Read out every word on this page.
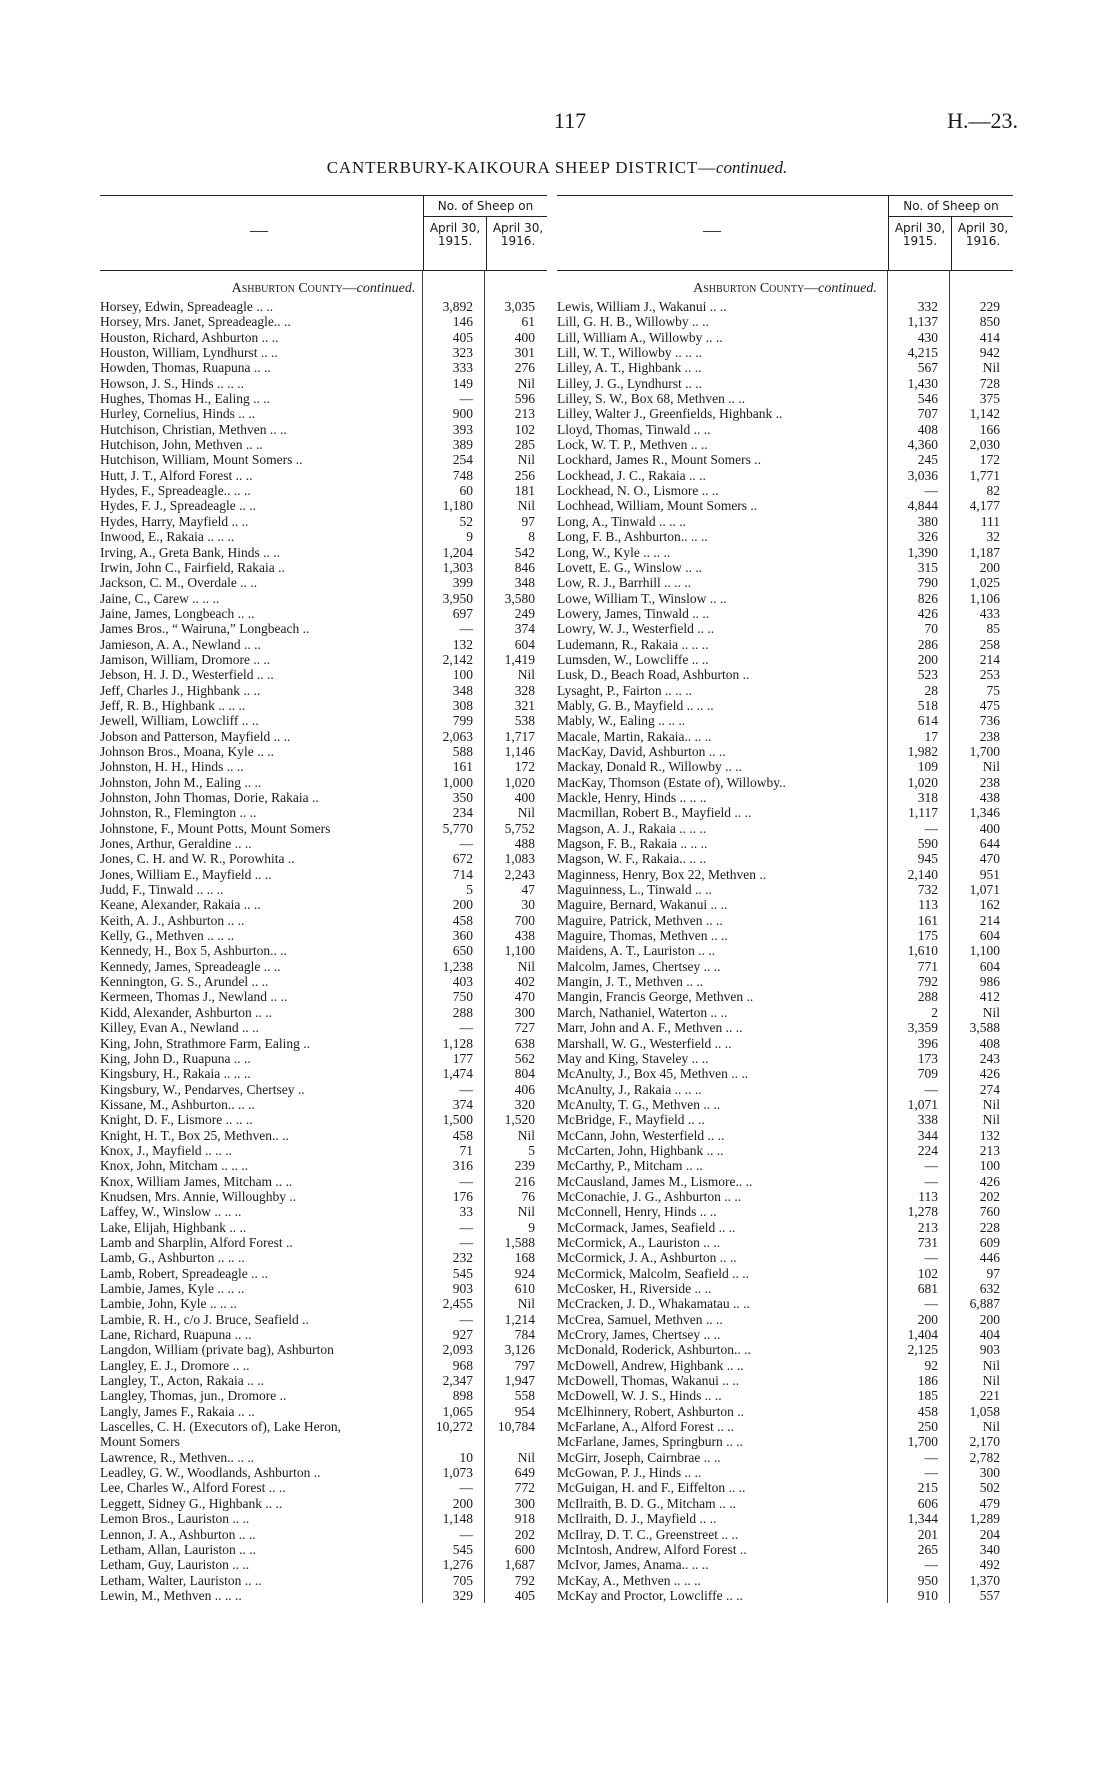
117	H.—23.
CANTERBURY-KAIKOURA SHEEP DISTRICT—continued.
—
No. of Sheep on
April 30,
1915.
April 30,
1916.
Ashburton County—continued.
Horsey, Edwin, Spreadeagle .. ..	3,892	3,035
Horsey, Mrs. Janet, Spreadeagle.. ..	146	61
Houston, Richard, Ashburton .. ..	405	400
Houston, William, Lyndhurst .. ..	323	301
Howden, Thomas, Ruapuna .. ..	333	276
Howson, J. S., Hinds .. .. ..	149	Nil
Hughes, Thomas H., Ealing .. ..	—	596
Hurley, Cornelius, Hinds .. ..	900	213
Hutchison, Christian, Methven .. ..	393	102
Hutchison, John, Methven .. ..	389	285
Hutchison, William, Mount Somers ..	254	Nil
Hutt, J. T., Alford Forest .. ..	748	256
Hydes, F., Spreadeagle.. .. ..	60	181
Hydes, F. J., Spreadeagle .. ..	1,180	Nil
Hydes, Harry, Mayfield .. ..	52	97
Inwood, E., Rakaia .. .. ..	9	8
Irving, A., Greta Bank, Hinds .. ..	1,204	542
Irwin, John C., Fairfield, Rakaia ..	1,303	846
Jackson, C. M., Overdale .. ..	399	348
Jaine, C., Carew .. .. ..	3,950	3,580
Jaine, James, Longbeach .. ..	697	249
James Bros., “ Wairuna,” Longbeach ..	—	374
Jamieson, A. A., Newland .. ..	132	604
Jamison, William, Dromore .. ..	2,142	1,419
Jebson, H. J. D., Westerfield .. ..	100	Nil
Jeff, Charles J., Highbank .. ..	348	328
Jeff, R. B., Highbank .. .. ..	308	321
Jewell, William, Lowcliff .. ..	799	538
Jobson and Patterson, Mayfield .. ..	2,063	1,717
Johnson Bros., Moana, Kyle .. ..	588	1,146
Johnston, H. H., Hinds .. ..	161	172
Johnston, John M., Ealing .. ..	1,000	1,020
Johnston, John Thomas, Dorie, Rakaia ..	350	400
Johnston, R., Flemington .. ..	234	Nil
Johnstone, F., Mount Potts, Mount Somers	5,770	5,752
Jones, Arthur, Geraldine .. ..	—	488
Jones, C. H. and W. R., Porowhita ..	672	1,083
Jones, William E., Mayfield .. ..	714	2,243
Judd, F., Tinwald .. .. ..	5	47
Keane, Alexander, Rakaia .. ..	200	30
Keith, A. J., Ashburton .. ..	458	700
Kelly, G., Methven .. .. ..	360	438
Kennedy, H., Box 5, Ashburton.. ..	650	1,100
Kennedy, James, Spreadeagle .. ..	1,238	Nil
Kennington, G. S., Arundel .. ..	403	402
Kermeen, Thomas J., Newland .. ..	750	470
Kidd, Alexander, Ashburton .. ..	288	300
Killey, Evan A., Newland .. ..	—	727
King, John, Strathmore Farm, Ealing ..	1,128	638
King, John D., Ruapuna .. ..	177	562
Kingsbury, H., Rakaia .. .. ..	1,474	804
Kingsbury, W., Pendarves, Chertsey ..	—	406
Kissane, M., Ashburton.. .. ..	374	320
Knight, D. F., Lismore .. .. ..	1,500	1,520
Knight, H. T., Box 25, Methven.. ..	458	Nil
Knox, J., Mayfield .. .. ..	71	5
Knox, John, Mitcham .. .. ..	316	239
Knox, William James, Mitcham .. ..	—	216
Knudsen, Mrs. Annie, Willoughby ..	176	76
Laffey, W., Winslow .. .. ..	33	Nil
Lake, Elijah, Highbank .. ..	—	9
Lamb and Sharplin, Alford Forest ..	—	1,588
Lamb, G., Ashburton .. .. ..	232	168
Lamb, Robert, Spreadeagle .. ..	545	924
Lambie, James, Kyle .. .. ..	903	610
Lambie, John, Kyle .. .. ..	2,455	Nil
Lambie, R. H., c/o J. Bruce, Seafield ..	—	1,214
Lane, Richard, Ruapuna .. ..	927	784
Langdon, William (private bag), Ashburton	2,093	3,126
Langley, E. J., Dromore .. ..	968	797
Langley, T., Acton, Rakaia .. ..	2,347	1,947
Langley, Thomas, jun., Dromore ..	898	558
Langly, James F., Rakaia .. ..	1,065	954
Lascelles, C. H. (Executors of), Lake Heron,	10,272	10,784
Mount Somers
Lawrence, R., Methven.. .. ..	10	Nil
Leadley, G. W., Woodlands, Ashburton ..	1,073	649
Lee, Charles W., Alford Forest .. ..	—	772
Leggett, Sidney G., Highbank .. ..	200	300
Lemon Bros., Lauriston .. ..	1,148	918
Lennon, J. A., Ashburton .. ..	—	202
Letham, Allan, Lauriston .. ..	545	600
Letham, Guy, Lauriston .. ..	1,276	1,687
Letham, Walter, Lauriston .. ..	705	792
Lewin, M., Methven .. .. ..	329	405
—
No. of Sheep on
April 30,
1915.
April 30,
1916.
Ashburton County—continued.
Lewis, William J., Wakanui .. ..	332	229
Lill, G. H. B., Willowby .. ..	1,137	850
Lill, William A., Willowby .. ..	430	414
Lill, W. T., Willowby .. .. ..	4,215	942
Lilley, A. T., Highbank .. ..	567	Nil
Lilley, J. G., Lyndhurst .. ..	1,430	728
Lilley, S. W., Box 68, Methven .. ..	546	375
Lilley, Walter J., Greenfields, Highbank ..	707	1,142
Lloyd, Thomas, Tinwald .. ..	408	166
Lock, W. T. P., Methven .. ..	4,360	2,030
Lockhard, James R., Mount Somers ..	245	172
Lockhead, J. C., Rakaia .. ..	3,036	1,771
Lockhead, N. O., Lismore .. ..	—	82
Lochhead, William, Mount Somers ..	4,844	4,177
Long, A., Tinwald .. .. ..	380	111
Long, F. B., Ashburton.. .. ..	326	32
Long, W., Kyle .. .. ..	1,390	1,187
Lovett, E. G., Winslow .. ..	315	200
Low, R. J., Barrhill .. .. ..	790	1,025
Lowe, William T., Winslow .. ..	826	1,106
Lowery, James, Tinwald .. ..	426	433
Lowry, W. J., Westerfield .. ..	70	85
Ludemann, R., Rakaia .. .. ..	286	258
Lumsden, W., Lowcliffe .. ..	200	214
Lusk, D., Beach Road, Ashburton ..	523	253
Lysaght, P., Fairton .. .. ..	28	75
Mably, G. B., Mayfield .. .. ..	518	475
Mably, W., Ealing .. .. ..	614	736
Macale, Martin, Rakaia.. .. ..	17	238
MacKay, David, Ashburton .. ..	1,982	1,700
Mackay, Donald R., Willowby .. ..	109	Nil
MacKay, Thomson (Estate of), Willowby..	1,020	238
Mackle, Henry, Hinds .. .. ..	318	438
Macmillan, Robert B., Mayfield .. ..	1,117	1,346
Magson, A. J., Rakaia .. .. ..	—	400
Magson, F. B., Rakaia .. .. ..	590	644
Magson, W. F., Rakaia.. .. ..	945	470
Maginness, Henry, Box 22, Methven ..	2,140	951
Maguinness, L., Tinwald .. ..	732	1,071
Maguire, Bernard, Wakanui .. ..	113	162
Maguire, Patrick, Methven .. ..	161	214
Maguire, Thomas, Methven .. ..	175	604
Maidens, A. T., Lauriston .. ..	1,610	1,100
Malcolm, James, Chertsey .. ..	771	604
Mangin, J. T., Methven .. ..	792	986
Mangin, Francis George, Methven ..	288	412
March, Nathaniel, Waterton .. ..	2	Nil
Marr, John and A. F., Methven .. ..	3,359	3,588
Marshall, W. G., Westerfield .. ..	396	408
May and King, Staveley .. ..	173	243
McAnulty, J., Box 45, Methven .. ..	709	426
McAnulty, J., Rakaia .. .. ..	—	274
McAnulty, T. G., Methven .. ..	1,071	Nil
McBridge, F., Mayfield .. ..	338	Nil
McCann, John, Westerfield .. ..	344	132
McCarten, John, Highbank .. ..	224	213
McCarthy, P., Mitcham .. ..	—	100
McCausland, James M., Lismore.. ..	—	426
McConachie, J. G., Ashburton .. ..	113	202
McConnell, Henry, Hinds .. ..	1,278	760
McCormack, James, Seafield .. ..	213	228
McCormick, A., Lauriston .. ..	731	609
McCormick, J. A., Ashburton .. ..	—	446
McCormick, Malcolm, Seafield .. ..	102	97
McCosker, H., Riverside .. ..	681	632
McCracken, J. D., Whakamatau .. ..	—	6,887
McCrea, Samuel, Methven .. ..	200	200
McCrory, James, Chertsey .. ..	1,404	404
McDonald, Roderick, Ashburton.. ..	2,125	903
McDowell, Andrew, Highbank .. ..	92	Nil
McDowell, Thomas, Wakanui .. ..	186	Nil
McDowell, W. J. S., Hinds .. ..	185	221
McElhinnery, Robert, Ashburton ..	458	1,058
McFarlane, A., Alford Forest .. ..	250	Nil
McFarlane, James, Springburn .. ..	1,700	2,170
McGirr, Joseph, Cairnbrae .. ..	—	2,782
McGowan, P. J., Hinds .. ..	—	300
McGuigan, H. and F., Eiffelton .. ..	215	502
McIlraith, B. D. G., Mitcham .. ..	606	479
McIlraith, D. J., Mayfield .. ..	1,344	1,289
McIlray, D. T. C., Greenstreet .. ..	201	204
McIntosh, Andrew, Alford Forest ..	265	340
McIvor, James, Anama.. .. ..	—	492
McKay, A., Methven .. .. ..	950	1,370
McKay and Proctor, Lowcliffe .. ..	910	557
